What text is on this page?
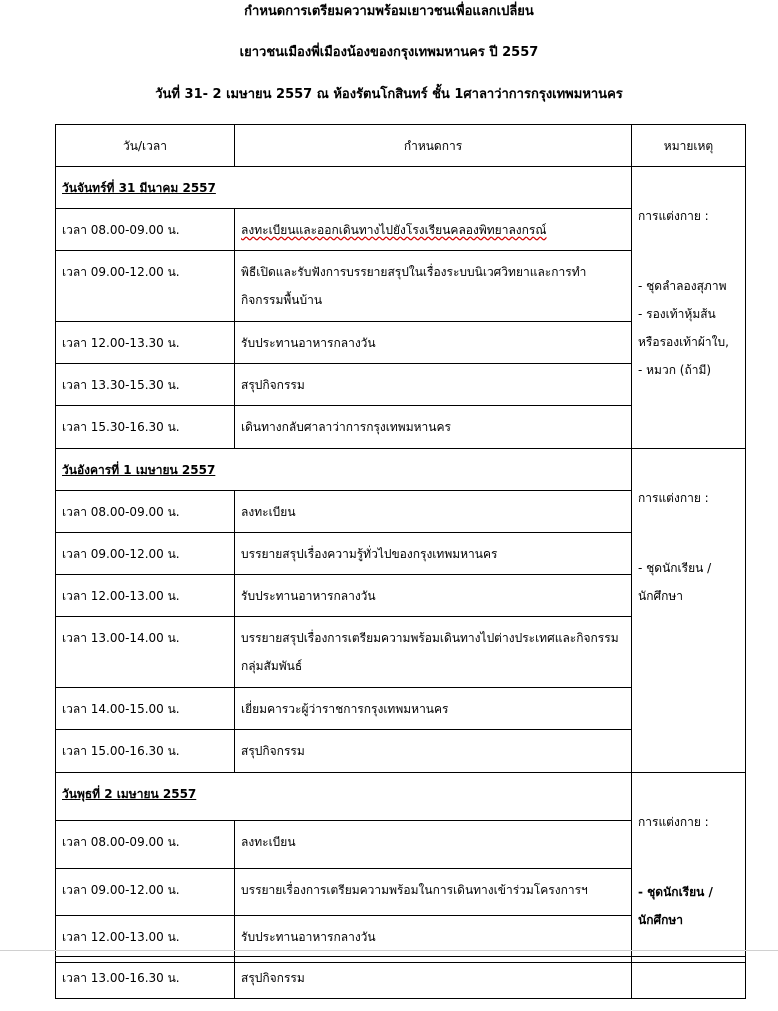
กำหนดการเตรียมความพร้อมเยาวชนเพื่อแลกเปลี่ยน
เยาวชนเมืองพี่เมืองน้องของกรุงเทพมหานคร ปี 2557
วันที่ 31- 2 เมษายน 2557 ณ ห้องรัตนโกสินทร์ ชั้น 1ศาลาว่าการกรุงเทพมหานคร
วัน/เวลา	กำหนดการ	หมายเหตุ
วันจันทร์ที่ 31 มีนาคม 2557		การแต่งกาย :

- ชุดลำลองสุภาพ
- รองเท้าหุ้มส้น
หรือรองเท้าผ้าใบ,
- หมวก (ถ้ามี)

เวลา 08.00-09.00 น.	ลงทะเบียนและออกเดินทางไปยังโรงเรียนคลองพิทยาลงกรณ์	
เวลา 09.00-12.00 น.	พิธีเปิดและรับฟังการบรรยายสรุปในเรื่องระบบนิเวศวิทยาและการทำกิจกรรมพื้นบ้าน	
เวลา 12.00-13.30 น.	รับประทานอาหารกลางวัน	
เวลา 13.30-15.30 น.	สรุปกิจกรรม	
เวลา 15.30-16.30 น.	เดินทางกลับศาลาว่าการกรุงเทพมหานคร	
วันอังคารที่ 1 เมษายน 2557		การแต่งกาย :

- ชุดนักเรียน /
นักศึกษา

เวลา 08.00-09.00 น.	ลงทะเบียน	
เวลา 09.00-12.00 น.	บรรยายสรุปเรื่องความรู้ทั่วไปของกรุงเทพมหานคร	
เวลา 12.00-13.00 น.	รับประทานอาหารกลางวัน	
เวลา 13.00-14.00 น.	บรรยายสรุปเรื่องการเตรียมความพร้อมเดินทางไปต่างประเทศและกิจกรรมกลุ่มสัมพันธ์	
เวลา 14.00-15.00 น.	เยี่ยมคารวะผู้ว่าราชการกรุงเทพมหานคร	
เวลา 15.00-16.30 น.	สรุปกิจกรรม	
วันพุธที่ 2 เมษายน 2557		การแต่งกาย :

- ชุดนักเรียน /
นักศึกษา

เวลา 08.00-09.00 น.	ลงทะเบียน	
เวลา 09.00-12.00 น.	บรรยายเรื่องการเตรียมความพร้อมในการเดินทางเข้าร่วมโครงการฯ	
เวลา 12.00-13.00 น.	รับประทานอาหารกลางวัน	
เวลา 13.00-16.30 น.	สรุปกิจกรรม	
